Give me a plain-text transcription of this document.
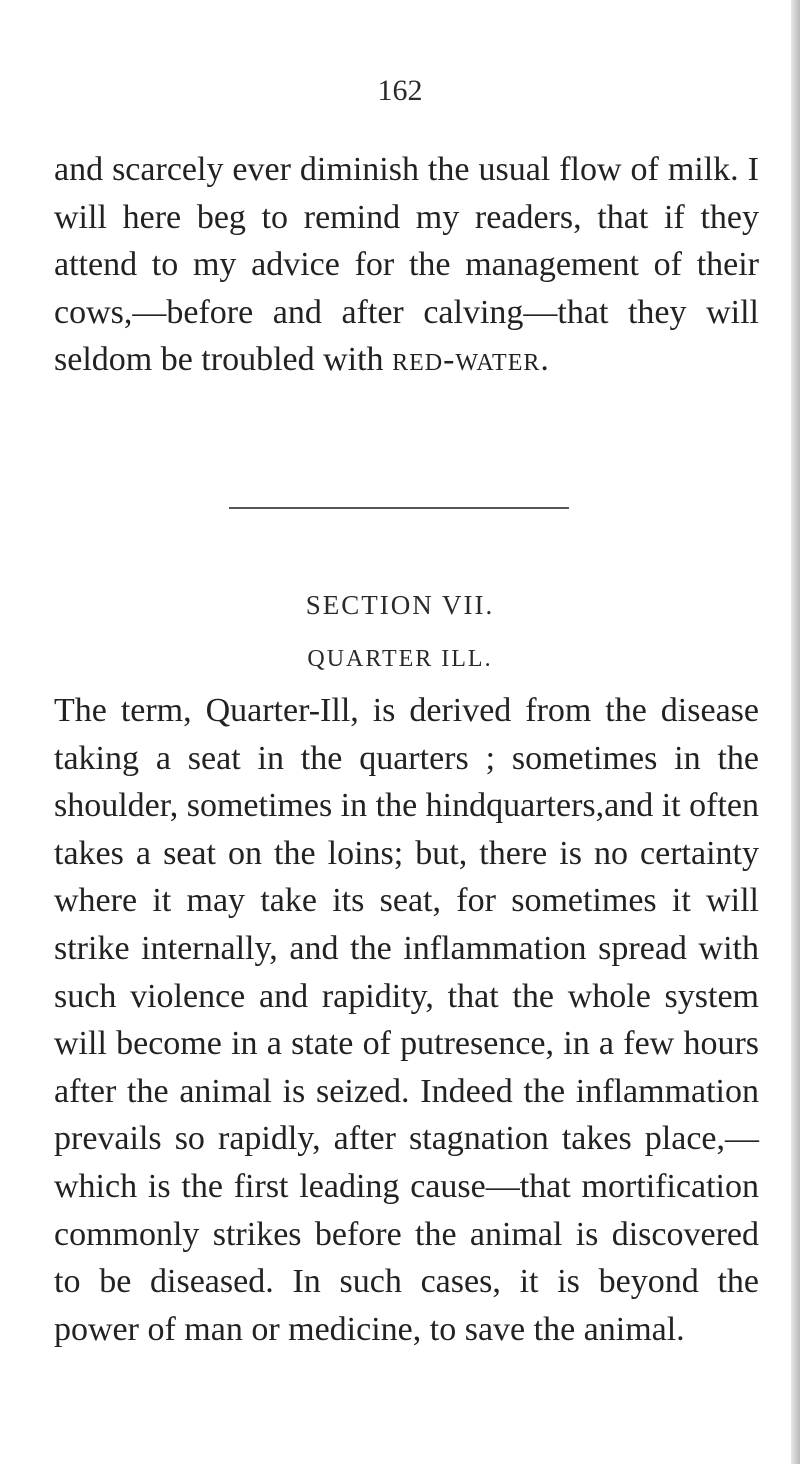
162

and scarcely ever diminish the usual flow of milk. I will here beg to remind my readers, that if they attend to my advice for the management of their cows,—before and after calving—that they will seldom be troubled with red-water.

SECTION VII.
QUARTER ILL.

The term, Quarter-Ill, is derived from the disease taking a seat in the quarters ; sometimes in the shoulder, sometimes in the hindquarters,and it often takes a seat on the loins; but, there is no certainty where it may take its seat, for sometimes it will strike internally, and the inflammation spread with such violence and rapidity, that the whole system will become in a state of putresence, in a few hours after the animal is seized. Indeed the inflammation prevails so rapidly, after stagnation takes place,—which is the first leading cause—that mortification commonly strikes before the animal is discovered to be diseased. In such cases, it is beyond the power of man or medicine, to save the animal.
